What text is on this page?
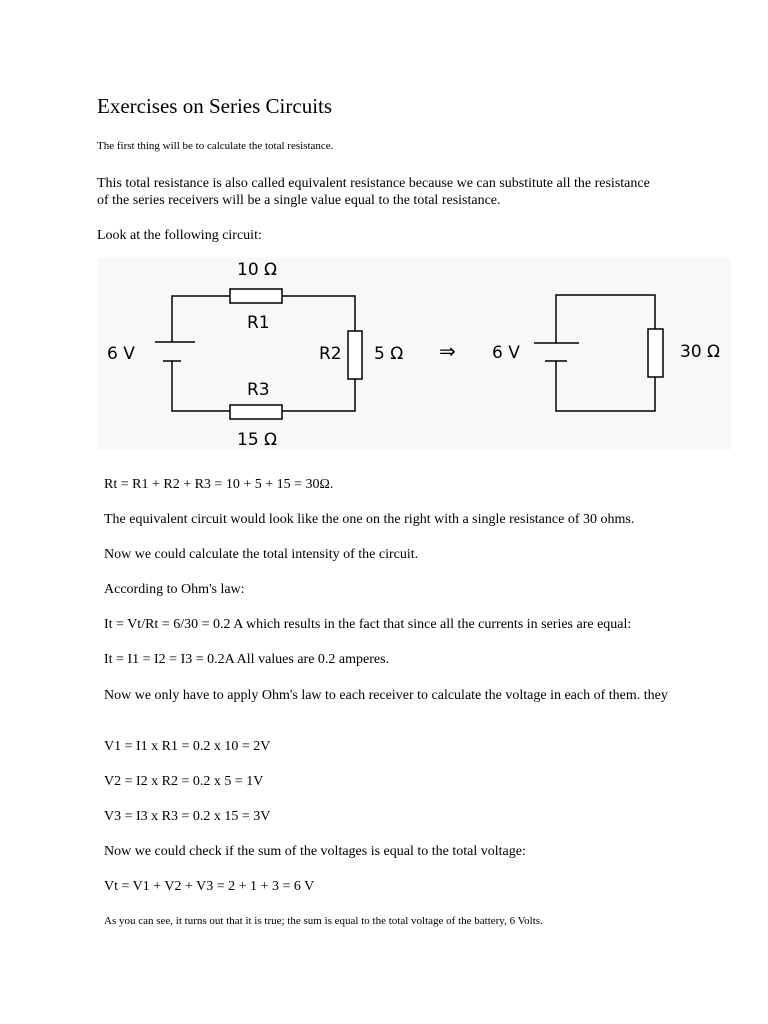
Exercises on Series Circuits
The first thing will be to calculate the total resistance.
This total resistance is also called equivalent resistance because we can substitute all the resistance of the series receivers will be a single value equal to the total resistance.
Look at the following circuit:
10 Ω
R1
6 V	R2 5 Ω
R3
15 Ω
⇒ 6 V	30 Ω
Rt = R1 + R2 + R3 = 10 + 5 + 15 = 30Ω.
The equivalent circuit would look like the one on the right with a single resistance of 30 ohms.
Now we could calculate the total intensity of the circuit.
According to Ohm's law:
It = Vt/Rt = 6/30 = 0.2 A which results in the fact that since all the currents in series are equal:
It = I1 = I2 = I3 = 0.2A All values are 0.2 amperes.
Now we only have to apply Ohm's law to each receiver to calculate the voltage in each of them. they
V1 = I1 x R1 = 0.2 x 10 = 2V
V2 = I2 x R2 = 0.2 x 5 = 1V
V3 = I3 x R3 = 0.2 x 15 = 3V
Now we could check if the sum of the voltages is equal to the total voltage:
Vt = V1 + V2 + V3 = 2 + 1 + 3 = 6 V
As you can see, it turns out that it is true; the sum is equal to the total voltage of the battery, 6 Volts.
